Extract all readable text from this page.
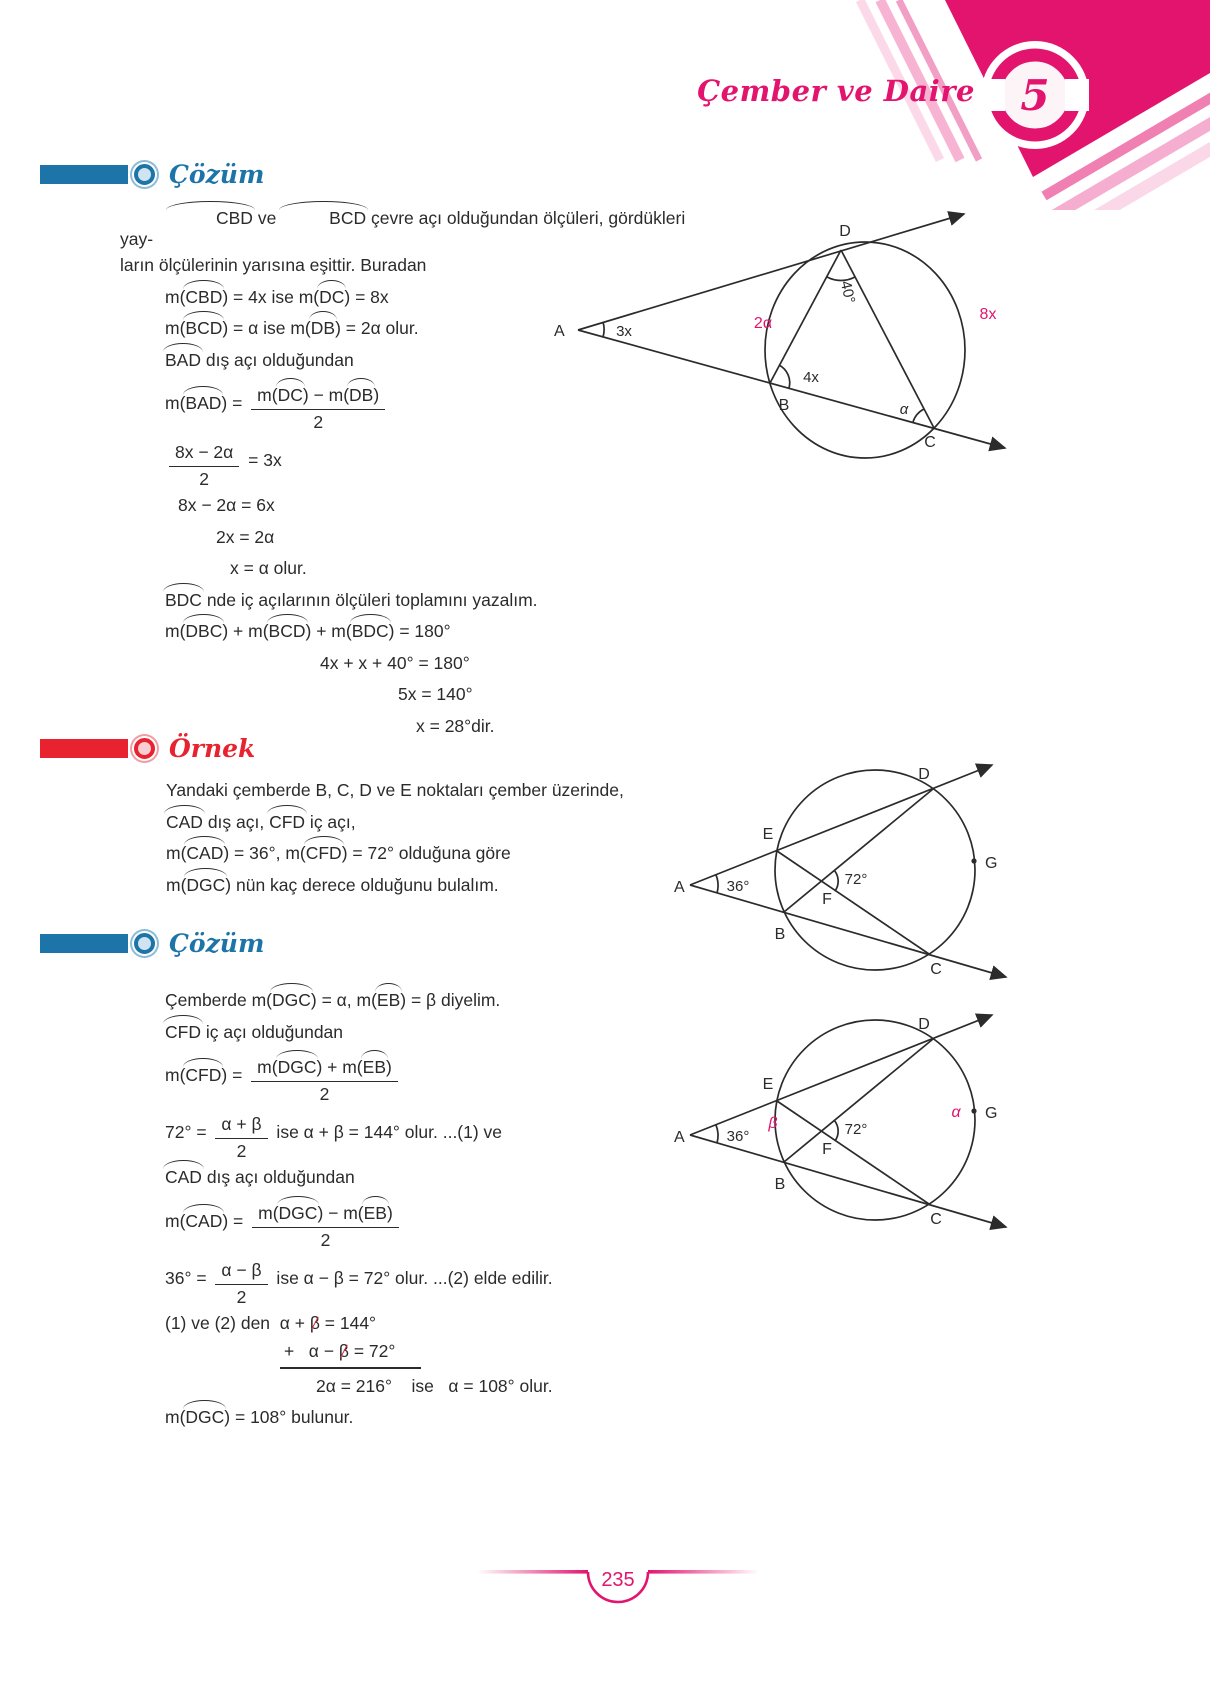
5
Çember ve Daire
Çözüm
CBD ve	BCD çevre açı olduğundan ölçüleri, gördükleri yay-
ların ölçülerinin yarısına eşittir. Buradan
m(CBD) = 4x ise m(DC) = 8x
m(BCD) = α ise m(DB) = 2α olur.
BAD dış açı olduğundan
$m(BAD) = \frac{m(DC) - m(DB)}{2}$
$\frac{8x - 2\alpha}{2} = 3x$
8x − 2α = 6x
2x = 2α
x = α olur.
BDC nde iç açılarının ölçüleri toplamını yazalım.
m(DBC) + m(BCD) + m(BDC) = 180°
4x + x + 40° = 180°
5x = 140°
x = 28°dir.
A
D
B
C
3x
40°
4x
α
2α
8x
Örnek
Yandaki çemberde B, C, D ve E noktaları çember üzerinde,
CAD dış açı, CFD iç açı,
m(CAD) = 36°, m(CFD) = 72° olduğuna göre
m(DGC) nün kaç derece olduğunu bulalım.	A
E
B
D
C
F
G
36°	72°
Çözüm
Çemberde m(DGC) = α, m(EB) = β diyelim.
CFD iç açı olduğundan
$m(CFD) = \frac{\text{m(DGC) + m(EB)}}{2}$
$72^\circ = \frac{\alpha + \beta}{2}$ ise α + β = 144° olur. ...(1) ve
CAD dış açı olduğundan
$m(CAD) = \frac{\text{m(DGC) − m(EB)}}{2}$
$36^\circ = \frac{\alpha - \beta}{2}$ ise α − β = 72° olur. ...(2) elde edilir.
(1) ve (2) den  α + β = 144°
+   α − β = 72°
2α = 216°    ise   α = 108° olur.
m(DGC) = 108° bulunur.
A
E
B
D
C
F
G
36°	72°
β
α
235
